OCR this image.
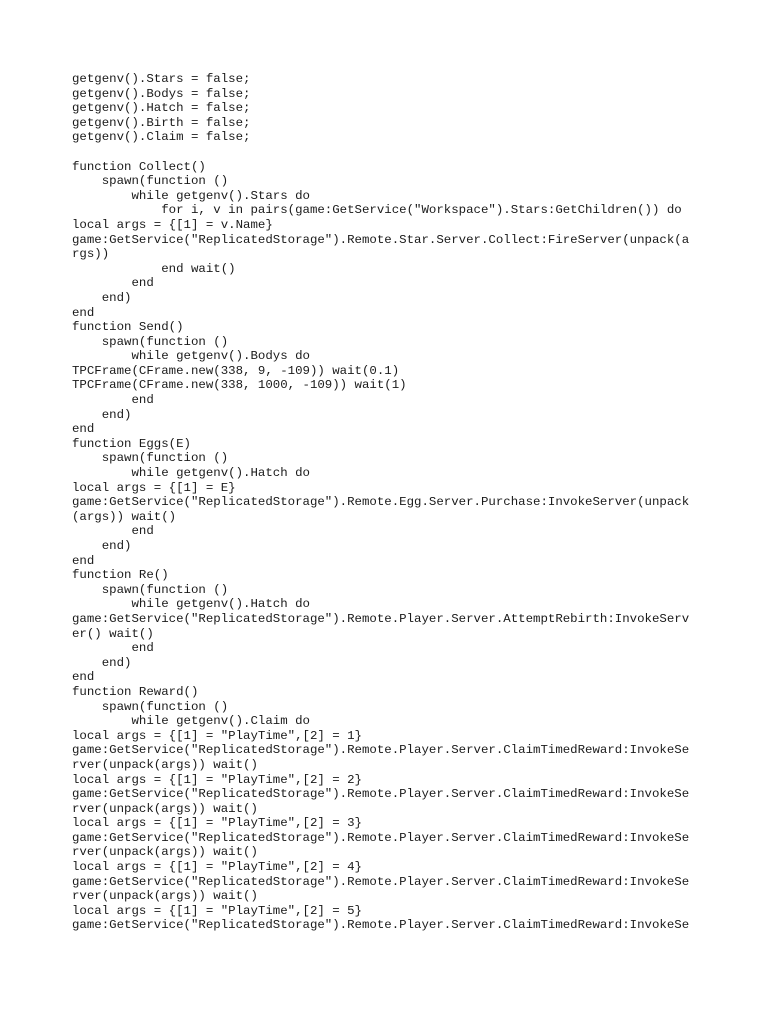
getgenv().Stars = false;
getgenv().Bodys = false;
getgenv().Hatch = false;
getgenv().Birth = false;
getgenv().Claim = false;
function Collect()
spawn(function ()
while getgenv().Stars do
for i, v in pairs(game:GetService("Workspace").Stars:GetChildren()) do
local args = {[1] = v.Name}
game:GetService("ReplicatedStorage").Remote.Star.Server.Collect:FireServer(unpack(a
rgs))
end wait()
end
end)
end
function Send()
spawn(function ()
while getgenv().Bodys do
TPCFrame(CFrame.new(338, 9, -109)) wait(0.1)
TPCFrame(CFrame.new(338, 1000, -109)) wait(1)
end
end)
end
function Eggs(E)
spawn(function ()
while getgenv().Hatch do
local args = {[1] = E}
game:GetService("ReplicatedStorage").Remote.Egg.Server.Purchase:InvokeServer(unpack
(args)) wait()
end
end)
end
function Re()
spawn(function ()
while getgenv().Hatch do
game:GetService("ReplicatedStorage").Remote.Player.Server.AttemptRebirth:InvokeServ
er() wait()
end
end)
end
function Reward()
spawn(function ()
while getgenv().Claim do
local args = {[1] = "PlayTime",[2] = 1}
game:GetService("ReplicatedStorage").Remote.Player.Server.ClaimTimedReward:InvokeSe
rver(unpack(args)) wait()
local args = {[1] = "PlayTime",[2] = 2}
game:GetService("ReplicatedStorage").Remote.Player.Server.ClaimTimedReward:InvokeSe
rver(unpack(args)) wait()
local args = {[1] = "PlayTime",[2] = 3}
game:GetService("ReplicatedStorage").Remote.Player.Server.ClaimTimedReward:InvokeSe
rver(unpack(args)) wait()
local args = {[1] = "PlayTime",[2] = 4}
game:GetService("ReplicatedStorage").Remote.Player.Server.ClaimTimedReward:InvokeSe
rver(unpack(args)) wait()
local args = {[1] = "PlayTime",[2] = 5}
game:GetService("ReplicatedStorage").Remote.Player.Server.ClaimTimedReward:InvokeSe
